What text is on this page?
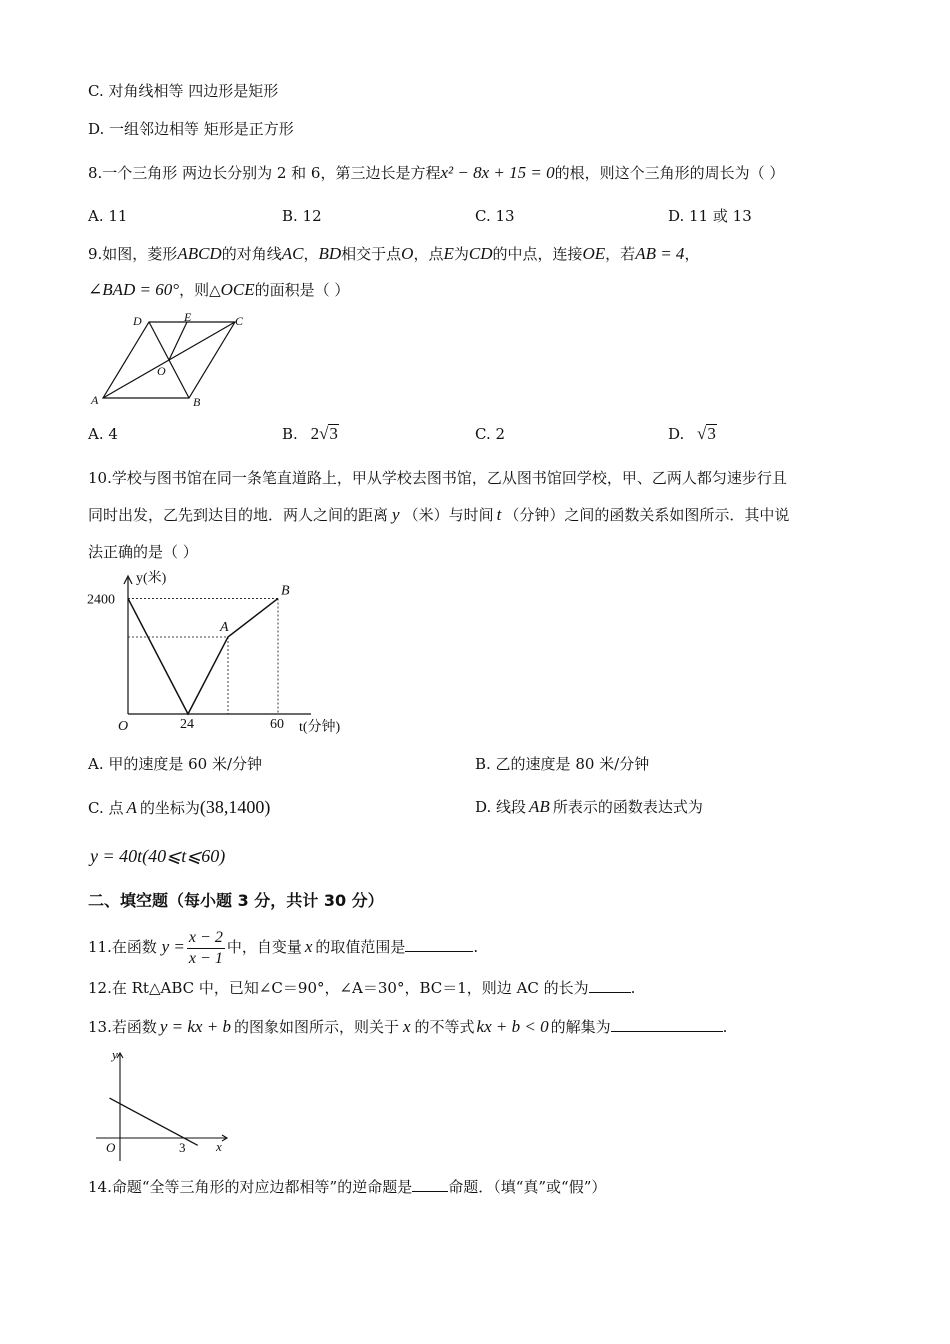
C. 对角线相等 四边形是矩形
D. 一组邻边相等 矩形是正方形
8.一个三角形 两边长分别为 2 和 6，第三边长是方程x² − 8x + 15 = 0的根，则这个三角形的周长为（ ）
A. 11	B. 12	C. 13	D. 11 或 13
9.如图，菱形ABCD的对角线AC，BD相交于点O，点E为CD的中点，连接OE，若AB = 4，
∠BAD = 60°，则△OCE的面积是（ ）
A	B
C
D	E
O
A. 4	B. 2√3	C. 2	D. √3
10.学校与图书馆在同一条笔直道路上，甲从学校去图书馆，乙从图书馆回学校，甲、乙两人都匀速步行且
同时出发，乙先到达目的地．两人之间的距离 y （米）与时间 t （分钟）之间的函数关系如图所示．其中说
法正确的是（ ）
y(米)
t(分钟)
O	24	60
2400
A
B
A. 甲的速度是 60 米/分钟	B. 乙的速度是 80 米/分钟
C. 点 A 的坐标为(38,1400)	D. 线段 AB 所表示的函数表达式为
y = 40t(40⩽t⩽60)
二、填空题（每小题 3 分，共计 30 分）
11.在函数 $y = \frac{x - 2}{x - 1}$ 中，自变量 x 的取值范围是	.
12.在 Rt△ABC 中，已知∠C＝90°，∠A＝30°，BC＝1，则边 AC 的长为	.
13.若函数 y = kx + b 的图象如图所示，则关于 x 的不等式 kx + b < 0 的解集为	.
y
x
O	3
14.命题“全等三角形的对应边都相等”的逆命题是 命题．（填“真”或“假”）
